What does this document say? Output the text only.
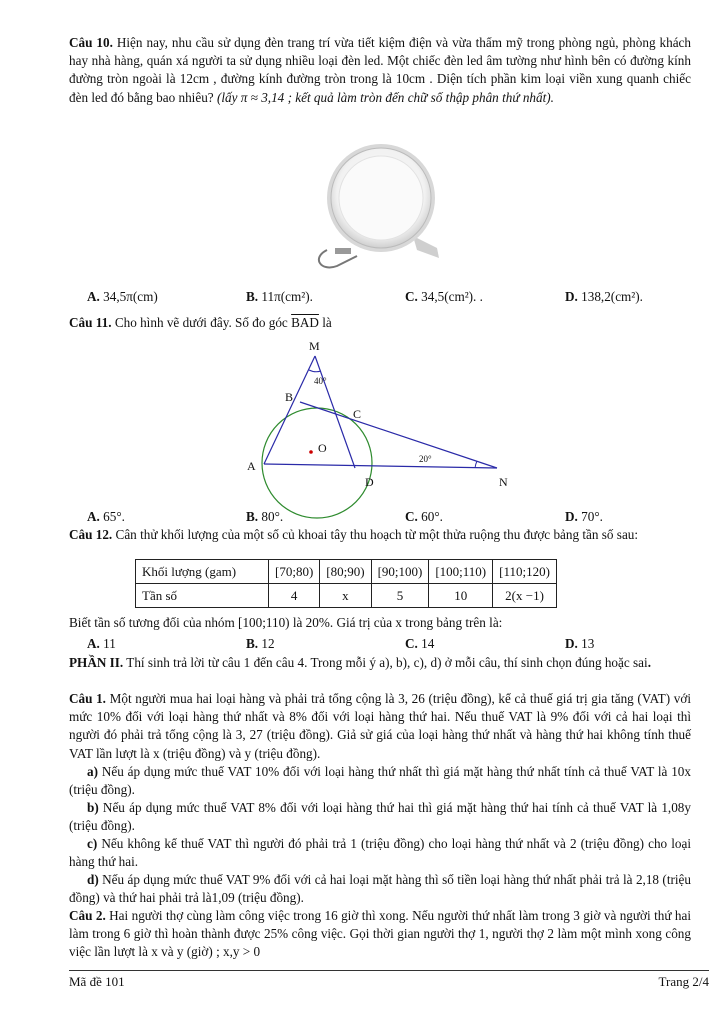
Câu 10. Hiện nay, nhu cầu sử dụng đèn trang trí vừa tiết kiệm điện và vừa thẩm mỹ trong phòng ngủ, phòng khách hay nhà hàng, quán xá người ta sử dụng nhiều loại đèn led. Một chiếc đèn led âm tường như hình bên có đường kính đường tròn ngoài là 12cm , đường kính đường tròn trong là 10cm . Diện tích phần kim loại viền xung quanh chiếc đèn led đó bằng bao nhiêu? (lấy π ≈ 3,14 ; kết quả làm tròn đến chữ số thập phân thứ nhất).

A. 34,5π(cm)	B. 11π(cm²).	C. 34,5(cm²). .	D. 138,2(cm²).

Câu 11. Cho hình vẽ dưới đây. Số đo góc $\overline{BAD}$ là

M
B
C
O
A
D	N
40°
20°
A. 65°.	B. 80°.	C. 60°.	D. 70°.

Câu 12. Cân thử khối lượng của một số củ khoai tây thu hoạch từ một thửa ruộng thu được bảng tần số sau:

Khối lượng (gam)	[70;80)	[80;90)	[90;100)	[100;110)	[110;120)
Tần số	4	x	5	10	2(x −1)

Biết tần số tương đối của nhóm [100;110) là 20%. Giá trị của x trong bảng trên là:

A. 11	B. 12	C. 14	D. 13

PHẦN II. Thí sinh trả lời từ câu 1 đến câu 4. Trong mỗi ý a), b), c), d) ở mỗi câu, thí sinh chọn đúng hoặc sai.

Câu 1. Một người mua hai loại hàng và phải trả tổng cộng là 3, 26 (triệu đồng), kể cả thuế giá trị gia tăng (VAT) với mức 10% đối với loại hàng thứ nhất và 8% đối với loại hàng thứ hai. Nếu thuế VAT là 9% đối với cả hai loại thì người đó phải trả tổng cộng là 3, 27 (triệu đồng). Giả sử giá của loại hàng thứ nhất và hàng thứ hai không tính thuế VAT lần lượt là x (triệu đồng) và y (triệu đồng).

a) Nếu áp dụng mức thuế VAT 10% đối với loại hàng thứ nhất thì giá mặt hàng thứ nhất tính cả thuế VAT là 10x (triệu đồng).

b) Nếu áp dụng mức thuế VAT 8% đối với loại hàng thứ hai thì giá mặt hàng thứ hai tính cả thuế VAT là 1,08y (triệu đồng).

c) Nếu không kể thuế VAT thì người đó phải trả 1 (triệu đồng) cho loại hàng thứ nhất và 2 (triệu đồng) cho loại hàng thứ hai.

d) Nếu áp dụng mức thuế VAT 9% đối với cả hai loại mặt hàng thì số tiền loại hàng thứ nhất phải trả là 2,18 (triệu đồng) và thứ hai phải trả là1,09 (triệu đồng).

Câu 2. Hai người thợ cùng làm công việc trong 16 giờ thì xong. Nếu người thứ nhất làm trong 3 giờ và người thứ hai làm trong 6 giờ thì hoàn thành được 25% công việc. Gọi thời gian người thợ 1, người thợ 2 làm một mình xong công việc lần lượt là x và y (giờ) ; x,y > 0

Mã đề 101	Trang 2/4
